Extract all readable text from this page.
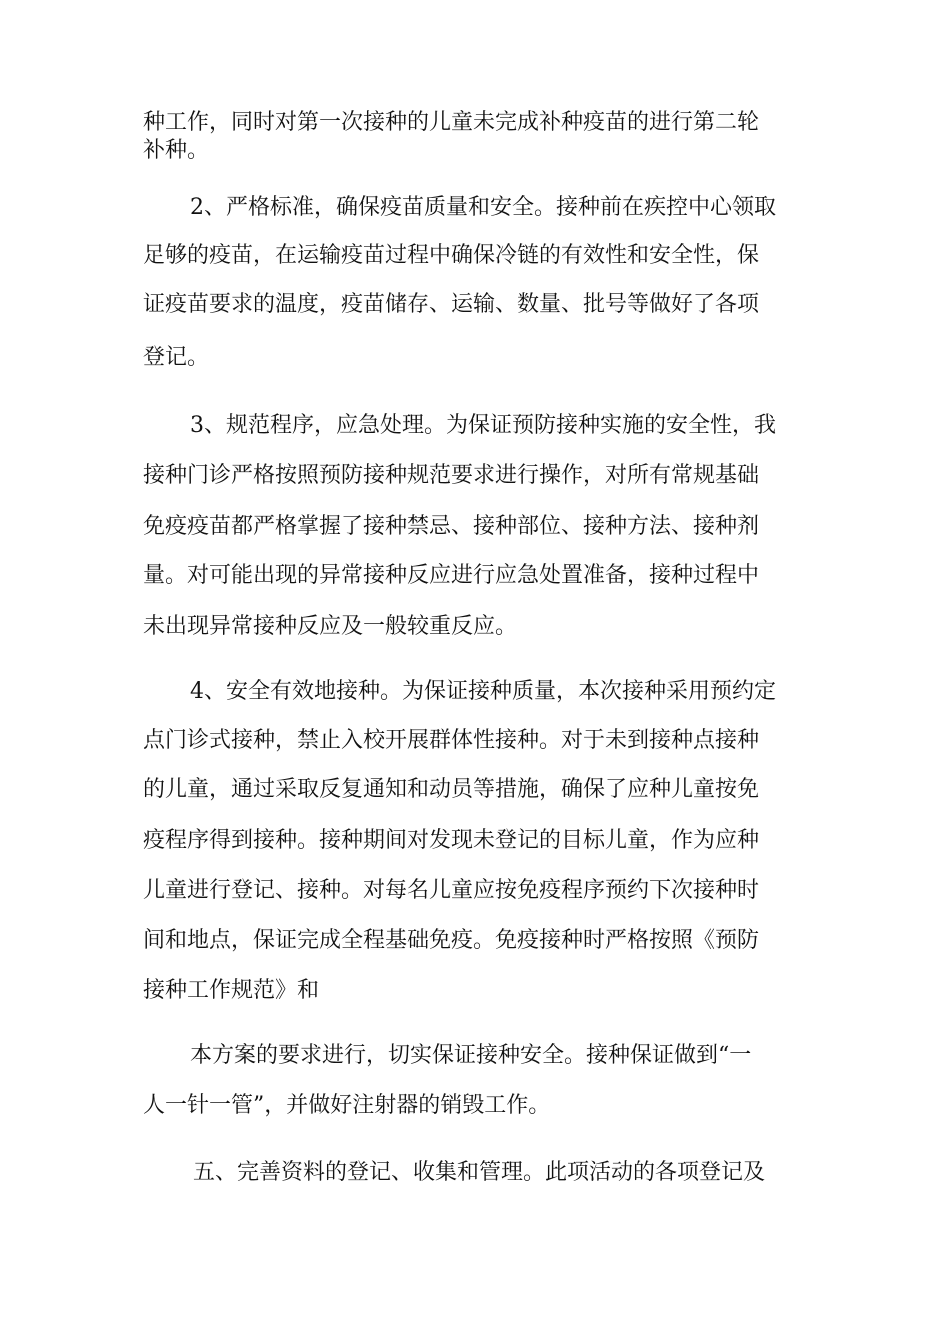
种工作，同时对第一次接种的儿童未完成补种疫苗的进行第二轮
补种。
2、严格标准，确保疫苗质量和安全。接种前在疾控中心领取
足够的疫苗，在运输疫苗过程中确保冷链的有效性和安全性，保
证疫苗要求的温度，疫苗储存、运输、数量、批号等做好了各项
登记。
3、规范程序，应急处理。为保证预防接种实施的安全性，我
接种门诊严格按照预防接种规范要求进行操作，对所有常规基础
免疫疫苗都严格掌握了接种禁忌、接种部位、接种方法、接种剂
量。对可能出现的异常接种反应进行应急处置准备，接种过程中
未出现异常接种反应及一般较重反应。
4、安全有效地接种。为保证接种质量，本次接种采用预约定
点门诊式接种，禁止入校开展群体性接种。对于未到接种点接种
的儿童，通过采取反复通知和动员等措施，确保了应种儿童按免
疫程序得到接种。接种期间对发现未登记的目标儿童，作为应种
儿童进行登记、接种。对每名儿童应按免疫程序预约下次接种时
间和地点，保证完成全程基础免疫。免疫接种时严格按照《预防
接种工作规范》和
本方案的要求进行，切实保证接种安全。接种保证做到“一
人一针一管”，并做好注射器的销毁工作。
五、完善资料的登记、收集和管理。此项活动的各项登记及
